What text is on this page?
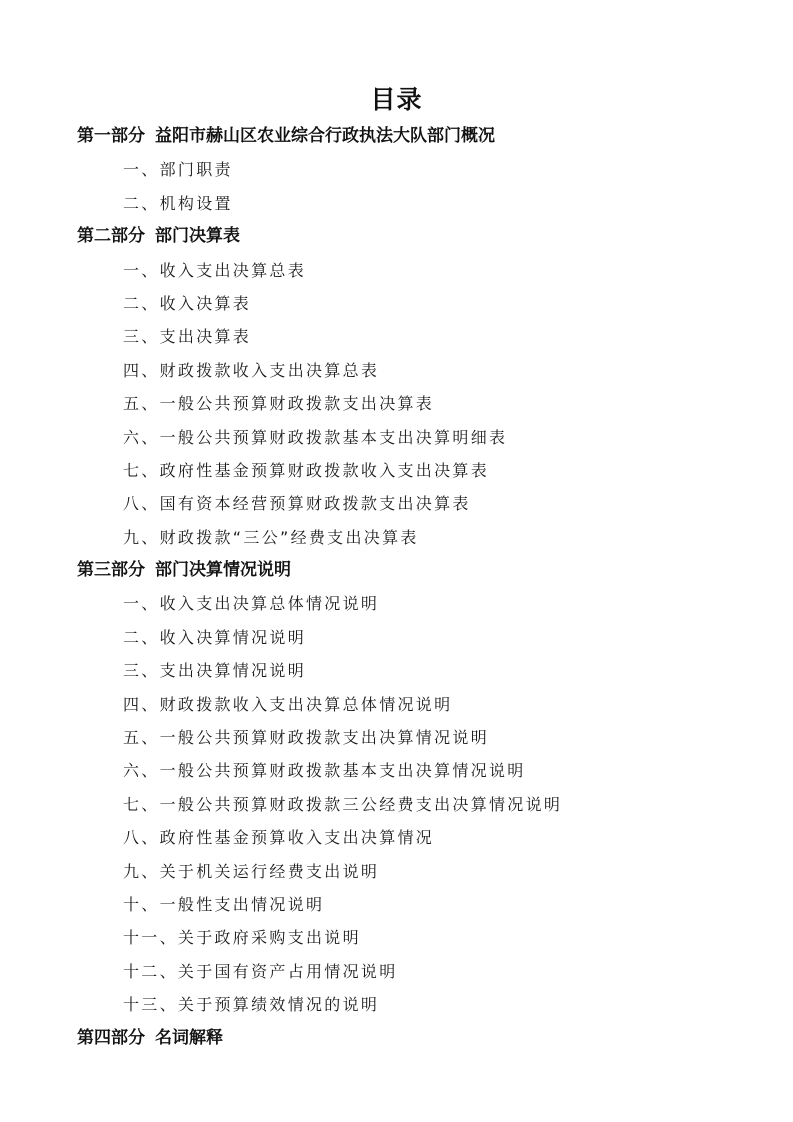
目录
第一部分 益阳市赫山区农业综合行政执法大队部门概况
一、部门职责
二、机构设置
第二部分 部门决算表
一、收入支出决算总表
二、收入决算表
三、支出决算表
四、财政拨款收入支出决算总表
五、一般公共预算财政拨款支出决算表
六、一般公共预算财政拨款基本支出决算明细表
七、政府性基金预算财政拨款收入支出决算表
八、国有资本经营预算财政拨款支出决算表
九、财政拨款“三公”经费支出决算表
第三部分 部门决算情况说明
一、收入支出决算总体情况说明
二、收入决算情况说明
三、支出决算情况说明
四、财政拨款收入支出决算总体情况说明
五、一般公共预算财政拨款支出决算情况说明
六、一般公共预算财政拨款基本支出决算情况说明
七、一般公共预算财政拨款三公经费支出决算情况说明
八、政府性基金预算收入支出决算情况
九、关于机关运行经费支出说明
十、一般性支出情况说明
十一、关于政府采购支出说明
十二、关于国有资产占用情况说明
十三、关于预算绩效情况的说明
第四部分 名词解释
